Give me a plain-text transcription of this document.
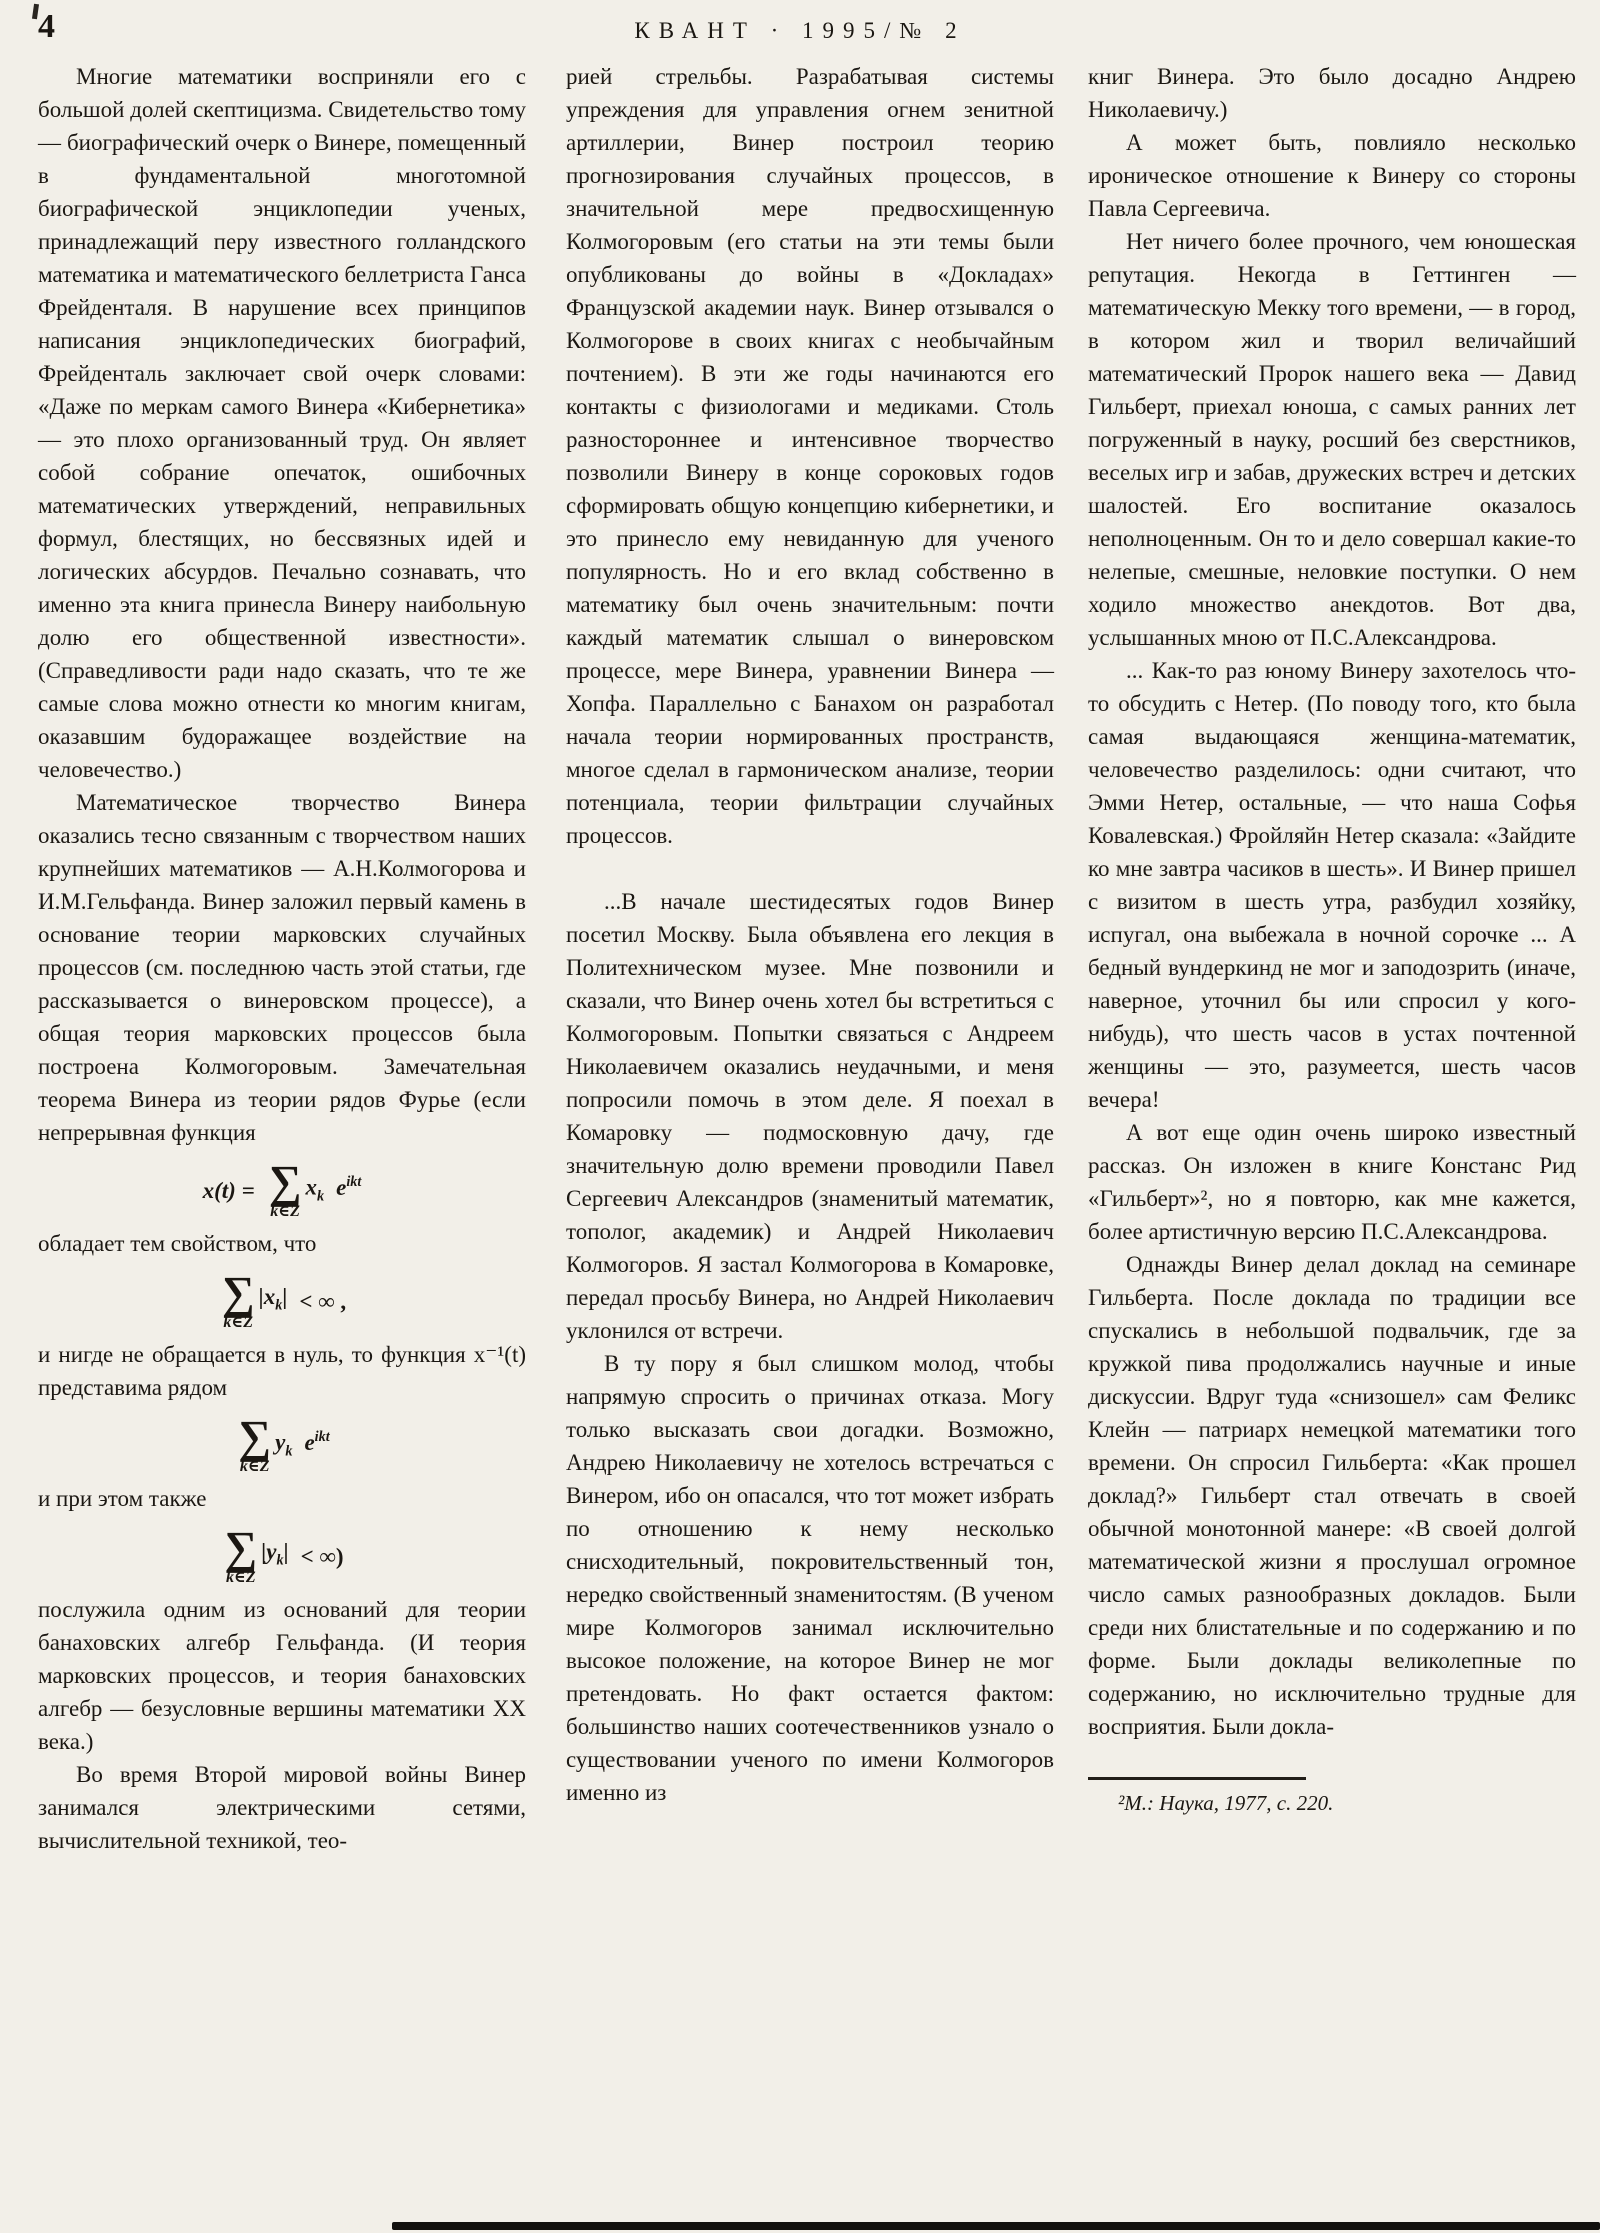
4	КВАНТ · 1995/№ 2

Многие математики восприняли его с большой долей скептицизма. Свидетельство тому — биографический очерк о Винере, помещенный в фундаментальной многотомной биографической энциклопедии ученых, принадлежащий перу известного голландского математика и математического беллетриста Ганса Фрейденталя. В нарушение всех принципов написания энциклопедических биографий, Фрейденталь заключает свой очерк словами: «Даже по меркам самого Винера «Кибернетика» — это плохо организованный труд. Он являет собой собрание опечаток, ошибочных математических утверждений, неправильных формул, блестящих, но бессвязных идей и логических абсурдов. Печально сознавать, что именно эта книга принесла Винеру наибольную долю его общественной известности». (Справедливости ради надо сказать, что те же самые слова можно отнести ко многим книгам, оказавшим будоражащее воздействие на человечество.)

Математическое творчество Винера оказались тесно связанным с творчеством наших крупнейших математиков — А.Н.Колмогорова и И.М.Гельфанда. Винер заложил первый камень в основание теории марковских случайных процессов (см. последнюю часть этой статьи, где рассказывается о винеровском процессе), а общая теория марковских процессов была построена Колмогоровым. Замечательная теорема Винера из теории рядов Фурье (если непрерывная функция

x(t) = ∑
k∈Z
$x_k$ $e^{ikt}$

обладает тем свойством, что

∑
k∈Z
$|x_k|$ < ∞ ,

и нигде не обращается в нуль, то функция x⁻¹(t) представима рядом

∑
k∈Z
$y_k$ $e^{ikt}$

и при этом также

∑
k∈Z
$|y_k|$ < ∞)

послужила одним из оснований для теории банаховских алгебр Гельфанда. (И теория марковских процессов, и теория банаховских алгебр — безусловные вершины математики XX века.)

Во время Второй мировой войны Винер занимался электрическими сетями, вычислительной техникой, тео-

рией стрельбы. Разрабатывая системы упреждения для управления огнем зенитной артиллерии, Винер построил теорию прогнозирования случайных процессов, в значительной мере предвосхищенную Колмогоровым (его статьи на эти темы были опубликованы до войны в «Докладах» Французской академии наук. Винер отзывался о Колмогорове в своих книгах с необычайным почтением). В эти же годы начинаются его контакты с физиологами и медиками. Столь разностороннее и интенсивное творчество позволили Винеру в конце сороковых годов сформировать общую концепцию кибернетики, и это принесло ему невиданную для ученого популярность. Но и его вклад собственно в математику был очень значительным: почти каждый математик слышал о винеровском процессе, мере Винера, уравнении Винера — Хопфа. Параллельно с Банахом он разработал начала теории нормированных пространств, многое сделал в гармоническом анализе, теории потенциала, теории фильтрации случайных процессов.

...В начале шестидесятых годов Винер посетил Москву. Была объявлена его лекция в Политехническом музее. Мне позвонили и сказали, что Винер очень хотел бы встретиться с Колмогоровым. Попытки связаться с Андреем Николаевичем оказались неудачными, и меня попросили помочь в этом деле. Я поехал в Комаровку — подмосковную дачу, где значительную долю времени проводили Павел Сергеевич Александров (знаменитый математик, тополог, академик) и Андрей Николаевич Колмогоров. Я застал Колмогорова в Комаровке, передал просьбу Винера, но Андрей Николаевич уклонился от встречи.

В ту пору я был слишком молод, чтобы напрямую спросить о причинах отказа. Могу только высказать свои догадки. Возможно, Андрею Николаевичу не хотелось встречаться с Винером, ибо он опасался, что тот может избрать по отношению к нему несколько снисходительный, покровительственный тон, нередко свойственный знаменитостям. (В ученом мире Колмогоров занимал исключительно высокое положение, на которое Винер не мог претендовать. Но факт остается фактом: большинство наших соотечественников узнало о существовании ученого по имени Колмогоров именно из

книг Винера. Это было досадно Андрею Николаевичу.)

А может быть, повлияло несколько ироническое отношение к Винеру со стороны Павла Сергеевича.

Нет ничего более прочного, чем юношеская репутация. Некогда в Геттинген — математическую Мекку того времени, — в город, в котором жил и творил величайший математический Пророк нашего века — Давид Гильберт, приехал юноша, с самых ранних лет погруженный в науку, росший без сверстников, веселых игр и забав, дружеских встреч и детских шалостей. Его воспитание оказалось неполноценным. Он то и дело совершал какие-то нелепые, смешные, неловкие поступки. О нем ходило множество анекдотов. Вот два, услышанных мною от П.С.Александрова.

... Как-то раз юному Винеру захотелось что-то обсудить с Нетер. (По поводу того, кто была самая выдающаяся женщина-математик, человечество разделилось: одни считают, что Эмми Нетер, остальные, — что наша Софья Ковалевская.) Фройляйн Нетер сказала: «Зайдите ко мне завтра часиков в шесть». И Винер пришел с визитом в шесть утра, разбудил хозяйку, испугал, она выбежала в ночной сорочке ... А бедный вундеркинд не мог и заподозрить (иначе, наверное, уточнил бы или спросил у кого-нибудь), что шесть часов в устах почтенной женщины — это, разумеется, шесть часов вечера!

А вот еще один очень широко известный рассказ. Он изложен в книге Констанс Рид «Гильберт»², но я повторю, как мне кажется, более артистичную версию П.С.Александрова.

Однажды Винер делал доклад на семинаре Гильберта. После доклада по традиции все спускались в небольшой подвальчик, где за кружкой пива продолжались научные и иные дискуссии. Вдруг туда «снизошел» сам Феликс Клейн — патриарх немецкой математики того времени. Он спросил Гильберта: «Как прошел доклад?» Гильберт стал отвечать в своей обычной монотонной манере: «В своей долгой математической жизни я прослушал огромное число самых разнообразных докладов. Были среди них блистательные и по содержанию и по форме. Были доклады великолепные по содержанию, но исключительно трудные для восприятия. Были докла-

²М.: Наука, 1977, с. 220.
